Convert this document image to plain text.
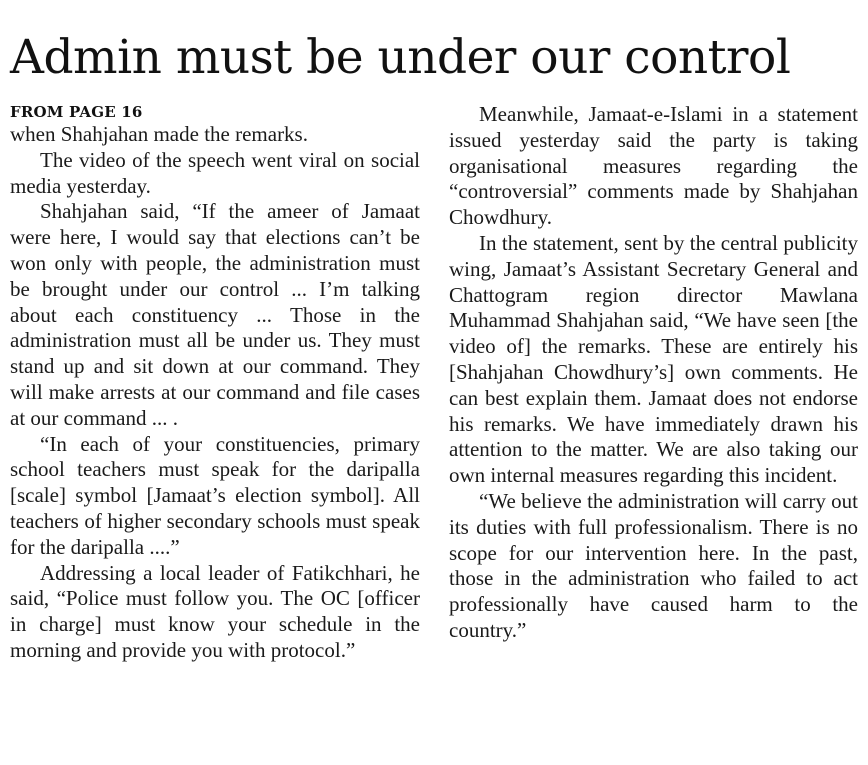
Admin must be under our control
FROM PAGE 16

when Shahjahan made the remarks.

The video of the speech went viral on social media yesterday.

Shahjahan said, “If the ameer of Jamaat were here, I would say that elections can’t be won only with people, the administration must be brought under our control ... I’m talking about each constituency ... Those in the administration must all be under us. They must stand up and sit down at our command. They will make arrests at our command and file cases at our command ... .

“In each of your constituencies, primary school teachers must speak for the daripalla [scale] symbol [Jamaat’s election symbol]. All teachers of higher secondary schools must speak for the daripalla ....”

Addressing a local leader of Fatikchhari, he said, “Police must follow you. The OC [officer in charge] must know your schedule in the morning and provide you with protocol.”

Meanwhile, Jamaat-e-Islami in a statement issued yesterday said the party is taking organisational measures regarding the “controversial” comments made by Shahjahan Chowdhury.

In the statement, sent by the central publicity wing, Jamaat’s Assistant Secretary General and Chattogram region director Mawlana Muhammad Shahjahan said, “We have seen [the video of] the remarks. These are entirely his [Shahjahan Chowdhury’s] own comments. He can best explain them. Jamaat does not endorse his remarks. We have immediately drawn his attention to the matter. We are also taking our own internal measures regarding this incident.

“We believe the administration will carry out its duties with full professionalism. There is no scope for our intervention here. In the past, those in the administration who failed to act professionally have caused harm to the country.”
